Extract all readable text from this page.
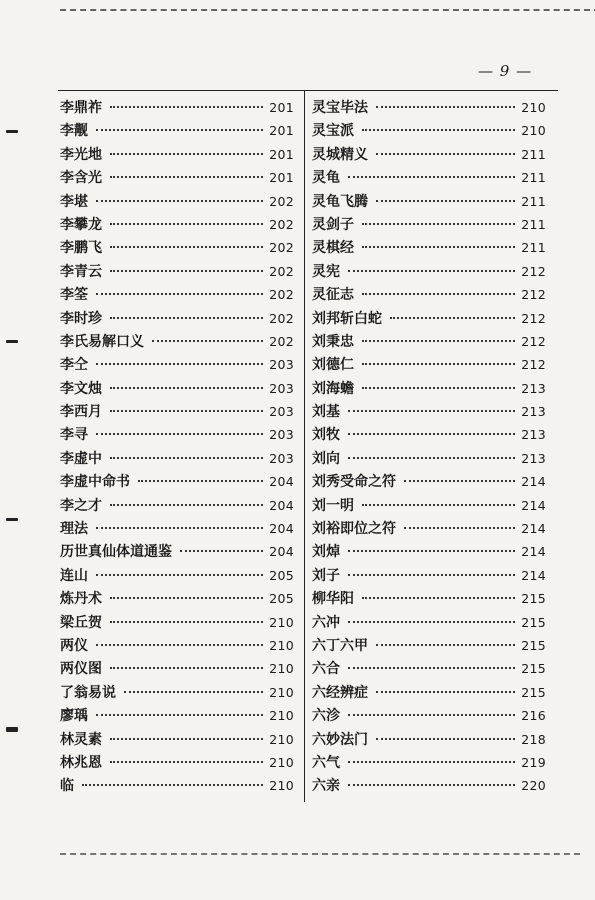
— 9 —
李鼎祚	201
李觏	201
李光地	201
李含光	201
李堪	202
李攀龙	202
李鹏飞	202
李青云	202
李筌	202
李时珍	202
李氏易解口义	202
李仝	203
李文烛	203
李西月	203
李寻	203
李虚中	203
李虚中命书	204
李之才	204
理法	204
历世真仙体道通鉴	204
连山	205
炼丹术	205
梁丘贺	210
两仪	210
两仪图	210
了翁易说	210
廖瑀	210
林灵素	210
林兆恩	210
临	210
灵宝毕法	210
灵宝派	210
灵城精义	211
灵龟	211
灵龟飞腾	211
灵剑子	211
灵棋经	211
灵宪	212
灵征志	212
刘邦斩白蛇	212
刘秉忠	212
刘德仁	212
刘海蟾	213
刘基	213
刘牧	213
刘向	213
刘秀受命之符	214
刘一明	214
刘裕即位之符	214
刘焯	214
刘子	214
柳华阳	215
六冲	215
六丁六甲	215
六合	215
六经辨症	215
六沴	216
六妙法门	218
六气	219
六亲	220
